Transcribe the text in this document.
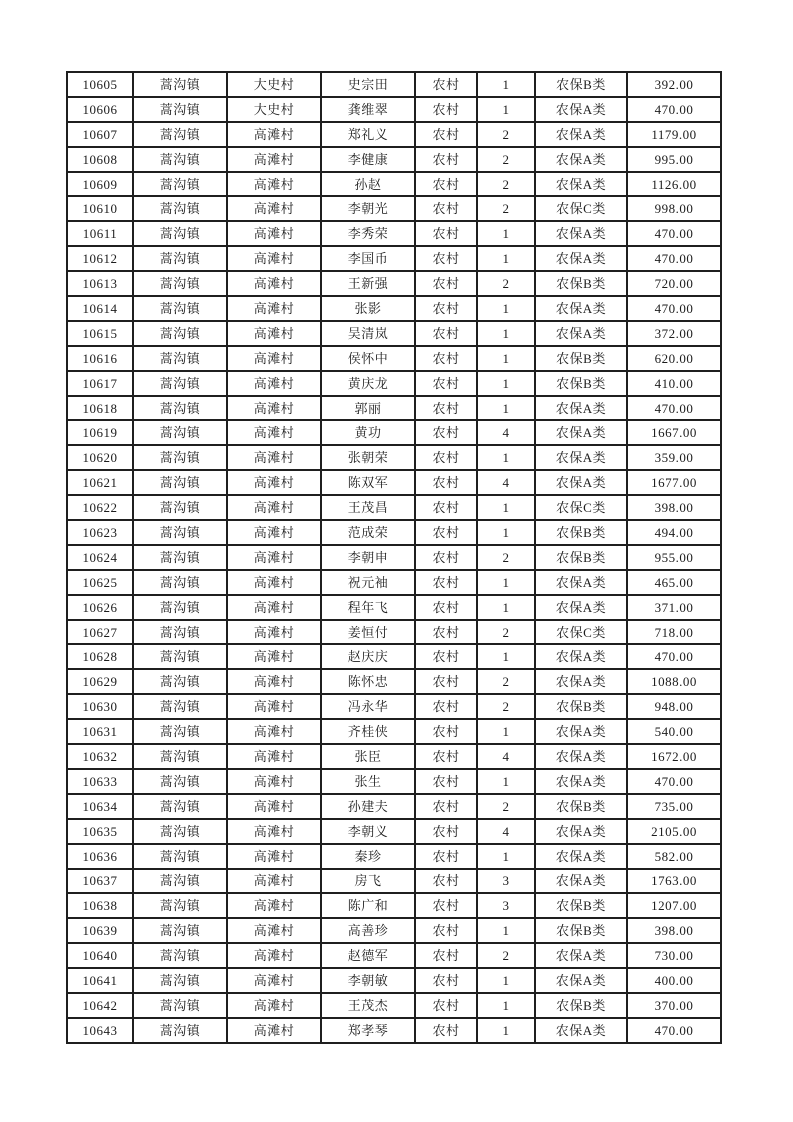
10605	蒿沟镇	大史村	史宗田	农村	1	农保B类	392.00
10606	蒿沟镇	大史村	龚维翠	农村	1	农保A类	470.00
10607	蒿沟镇	高滩村	郑礼义	农村	2	农保A类	1179.00
10608	蒿沟镇	高滩村	李健康	农村	2	农保A类	995.00
10609	蒿沟镇	高滩村	孙赵	农村	2	农保A类	1126.00
10610	蒿沟镇	高滩村	李朝光	农村	2	农保C类	998.00
10611	蒿沟镇	高滩村	李秀荣	农村	1	农保A类	470.00
10612	蒿沟镇	高滩村	李国币	农村	1	农保A类	470.00
10613	蒿沟镇	高滩村	王新强	农村	2	农保B类	720.00
10614	蒿沟镇	高滩村	张影	农村	1	农保A类	470.00
10615	蒿沟镇	高滩村	吴清岚	农村	1	农保A类	372.00
10616	蒿沟镇	高滩村	侯怀中	农村	1	农保B类	620.00
10617	蒿沟镇	高滩村	黄庆龙	农村	1	农保B类	410.00
10618	蒿沟镇	高滩村	郭丽	农村	1	农保A类	470.00
10619	蒿沟镇	高滩村	黄功	农村	4	农保A类	1667.00
10620	蒿沟镇	高滩村	张朝荣	农村	1	农保A类	359.00
10621	蒿沟镇	高滩村	陈双军	农村	4	农保A类	1677.00
10622	蒿沟镇	高滩村	王茂昌	农村	1	农保C类	398.00
10623	蒿沟镇	高滩村	范成荣	农村	1	农保B类	494.00
10624	蒿沟镇	高滩村	李朝申	农村	2	农保B类	955.00
10625	蒿沟镇	高滩村	祝元袖	农村	1	农保A类	465.00
10626	蒿沟镇	高滩村	程年飞	农村	1	农保A类	371.00
10627	蒿沟镇	高滩村	姜恒付	农村	2	农保C类	718.00
10628	蒿沟镇	高滩村	赵庆庆	农村	1	农保A类	470.00
10629	蒿沟镇	高滩村	陈怀忠	农村	2	农保A类	1088.00
10630	蒿沟镇	高滩村	冯永华	农村	2	农保B类	948.00
10631	蒿沟镇	高滩村	齐桂侠	农村	1	农保A类	540.00
10632	蒿沟镇	高滩村	张臣	农村	4	农保A类	1672.00
10633	蒿沟镇	高滩村	张生	农村	1	农保A类	470.00
10634	蒿沟镇	高滩村	孙建夫	农村	2	农保B类	735.00
10635	蒿沟镇	高滩村	李朝义	农村	4	农保A类	2105.00
10636	蒿沟镇	高滩村	秦珍	农村	1	农保A类	582.00
10637	蒿沟镇	高滩村	房飞	农村	3	农保A类	1763.00
10638	蒿沟镇	高滩村	陈广和	农村	3	农保B类	1207.00
10639	蒿沟镇	高滩村	高善珍	农村	1	农保B类	398.00
10640	蒿沟镇	高滩村	赵德军	农村	2	农保A类	730.00
10641	蒿沟镇	高滩村	李朝敏	农村	1	农保A类	400.00
10642	蒿沟镇	高滩村	王茂杰	农村	1	农保B类	370.00
10643	蒿沟镇	高滩村	郑孝琴	农村	1	农保A类	470.00
